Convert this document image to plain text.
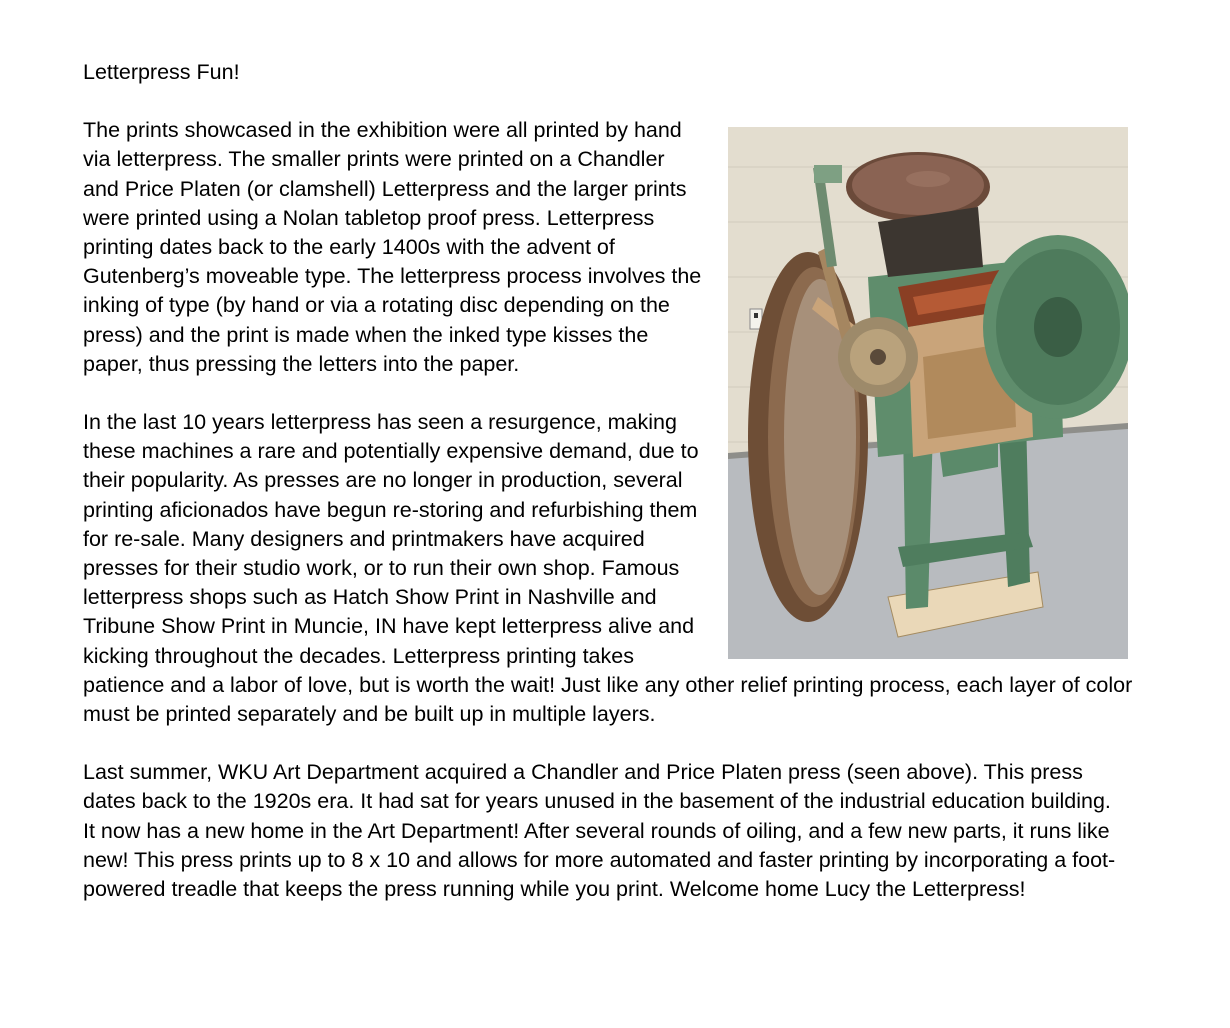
Letterpress Fun!

The prints showcased in the exhibition were all printed by hand via letterpress. The smaller prints were printed on a Chandler and Price Platen (or clamshell) Letterpress and the larger prints were printed using a Nolan tabletop proof press. Letterpress printing dates back to the early 1400s with the advent of Gutenberg’s moveable type. The letterpress process involves the inking of type (by hand or via a rotating disc depending on the press) and the print is made when the inked type kisses the paper, thus pressing the letters into the paper.

In the last 10 years letterpress has seen a resurgence, making these machines a rare and potentially expensive demand, due to their popularity. As presses are no longer in production, several printing aficionados have begun re-storing and refurbishing them for re-sale. Many designers and printmakers have acquired presses for their studio work, or to run their own shop. Famous letterpress shops such as Hatch Show Print in Nashville and Tribune Show Print in Muncie, IN have kept letterpress alive and kicking throughout the decades. Letterpress printing takes patience and a labor of love, but is worth the wait! Just like any other relief printing process, each layer of color must be printed separately and be built up in multiple layers.

Last summer, WKU Art Department acquired a Chandler and Price Platen press (seen above). This press dates back to the 1920s era. It had sat for years unused in the basement of the industrial education building. It now has a new home in the Art Department! After several rounds of oiling, and a few new parts, it runs like new! This press prints up to 8 x 10 and allows for more automated and faster printing by incorporating a foot-powered treadle that keeps the press running while you print. Welcome home Lucy the Letterpress!
